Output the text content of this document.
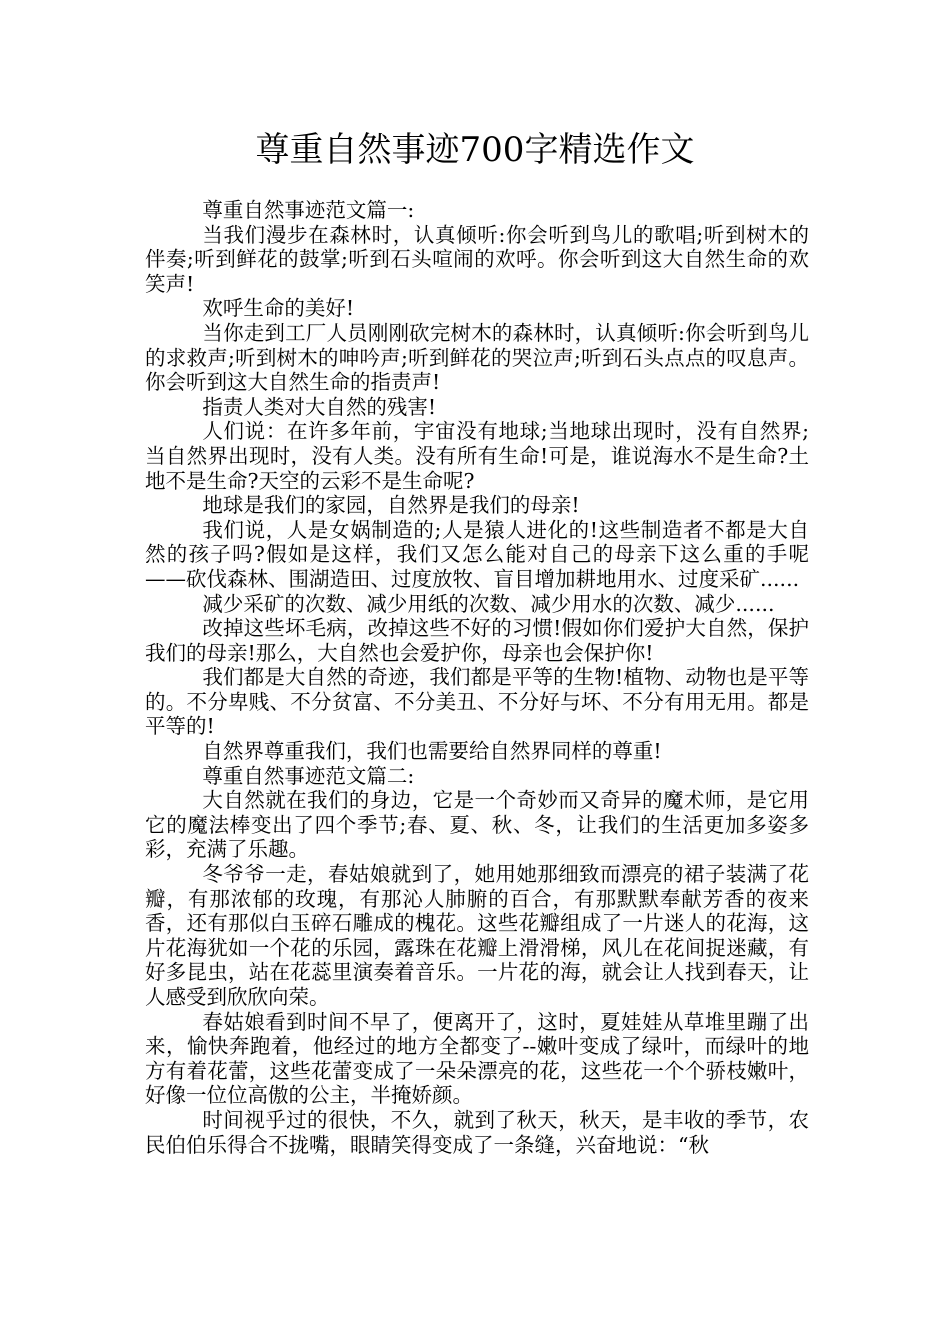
尊重自然事迹700字精选作文

尊重自然事迹范文篇一:

当我们漫步在森林时，认真倾听:你会听到鸟儿的歌唱;听到树木的伴奏;听到鲜花的鼓掌;听到石头喧闹的欢呼。你会听到这大自然生命的欢笑声!

欢呼生命的美好!

当你走到工厂人员刚刚砍完树木的森林时，认真倾听:你会听到鸟儿的求救声;听到树木的呻吟声;听到鲜花的哭泣声;听到石头点点的叹息声。你会听到这大自然生命的指责声!

指责人类对大自然的残害!

人们说：在许多年前，宇宙没有地球;当地球出现时，没有自然界;当自然界出现时，没有人类。没有所有生命!可是，谁说海水不是生命?土地不是生命?天空的云彩不是生命呢?

地球是我们的家园，自然界是我们的母亲!

我们说，人是女娲制造的;人是猿人进化的!这些制造者不都是大自然的孩子吗?假如是这样，我们又怎么能对自己的母亲下这么重的手呢——砍伐森林、围湖造田、过度放牧、盲目增加耕地用水、过度采矿......

减少采矿的次数、减少用纸的次数、减少用水的次数、减少......

改掉这些坏毛病，改掉这些不好的习惯!假如你们爱护大自然，保护我们的母亲!那么，大自然也会爱护你，母亲也会保护你!

我们都是大自然的奇迹，我们都是平等的生物!植物、动物也是平等的。不分卑贱、不分贫富、不分美丑、不分好与坏、不分有用无用。都是平等的!

自然界尊重我们，我们也需要给自然界同样的尊重!

尊重自然事迹范文篇二:

大自然就在我们的身边，它是一个奇妙而又奇异的魔术师，是它用它的魔法棒变出了四个季节;春、夏、秋、冬，让我们的生活更加多姿多彩，充满了乐趣。

冬爷爷一走，春姑娘就到了，她用她那细致而漂亮的裙子装满了花瓣，有那浓郁的玫瑰，有那沁人肺腑的百合，有那默默奉献芳香的夜来香，还有那似白玉碎石雕成的槐花。这些花瓣组成了一片迷人的花海，这片花海犹如一个花的乐园，露珠在花瓣上滑滑梯，风儿在花间捉迷藏，有好多昆虫，站在花蕊里演奏着音乐。一片花的海，就会让人找到春天，让人感受到欣欣向荣。

春姑娘看到时间不早了，便离开了，这时，夏娃娃从草堆里蹦了出来，愉快奔跑着，他经过的地方全都变了--嫩叶变成了绿叶，而绿叶的地方有着花蕾，这些花蕾变成了一朵朵漂亮的花，这些花一个个骄枝嫩叶，好像一位位高傲的公主，半掩娇颜。

时间视乎过的很快，不久，就到了秋天，秋天，是丰收的季节，农民伯伯乐得合不拢嘴，眼睛笑得变成了一条缝，兴奋地说：“秋
